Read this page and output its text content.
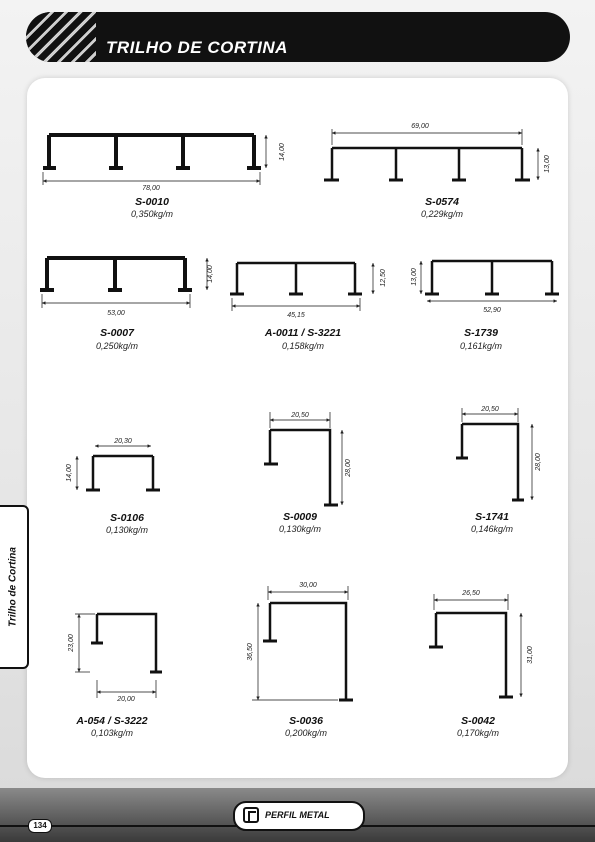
TRILHO DE CORTINA
Trilho de Cortina
134
PERFIL METAL
78,00
14,00
69,00
13,00
53,00
14,00
45,15
12,50
52,90
13,00
20,30
14,00
20,50
28,00
20,50
28,00
23,00
20,00
30,00
36,50
26,50
31,00
S-0010
0,350kg/m
S-0574
0,229kg/m
S-0007
0,250kg/m
A-0011 / S-3221
0,158kg/m
S-1739
0,161kg/m
S-0106
0,130kg/m
S-0009
0,130kg/m
S-1741
0,146kg/m
A-054 / S-3222
0,103kg/m
S-0036
0,200kg/m
S-0042
0,170kg/m
